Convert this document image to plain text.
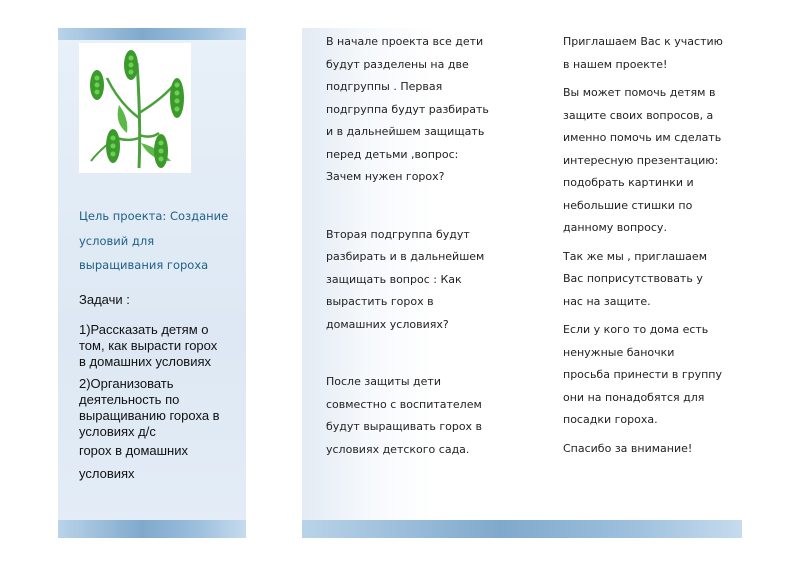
Цель проекта: Создание
условий для
выращивания гороха
Задачи :
1)Рассказать детям о
том, как вырасти горох
в домашних условиях
2)Организовать
деятельность по
выращиванию гороха в
условиях д/с
горох в домашних
условиях
В начале проекта все дети
будут разделены на две
подгруппы . Первая
подгруппа будут разбирать
и в дальнейшем защищать
перед детьми ,вопрос:
Зачем нужен горох?
Вторая подгруппа будут
разбирать и в дальнейшем
защищать вопрос : Как
вырастить горох в
домашних условиях?
После защиты дети
совместно с воспитателем
будут выращивать горох в
условиях детского сада.
Приглашаем Вас к участию
в нашем проекте!
Вы может помочь детям в
защите своих вопросов, а
именно помочь им сделать
интересную презентацию:
подобрать картинки и
небольшие стишки по
данному вопросу.
Так же мы , приглашаем
Вас поприсутствовать у
нас на защите.
Если у кого то дома есть
ненужные баночки
просьба принести в группу
они на понадобятся для
посадки гороха.
Спасибо за внимание!
